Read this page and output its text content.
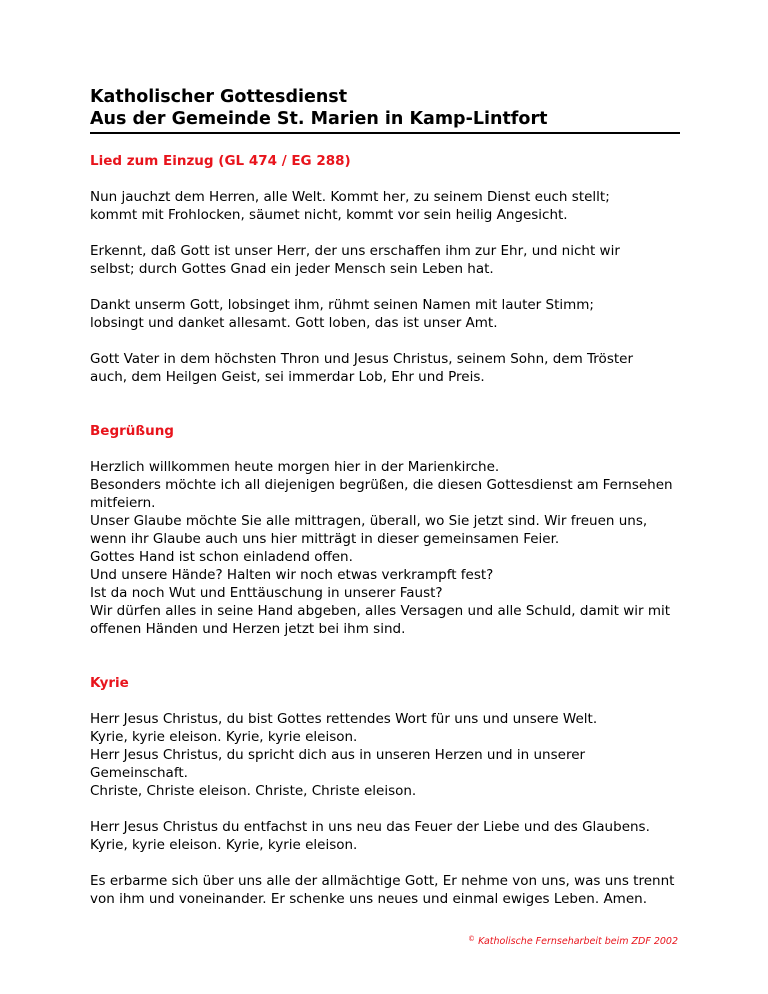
Katholischer Gottesdienst

Aus der Gemeinde St. Marien in Kamp-Lintfort

Lied zum Einzug (GL 474 / EG 288)

Nun jauchzt dem Herren, alle Welt. Kommt her, zu seinem Dienst euch stellt;
kommt mit Frohlocken, säumet nicht, kommt vor sein heilig Angesicht.

Erkennt, daß Gott ist unser Herr, der uns erschaffen ihm zur Ehr, und nicht wir
selbst; durch Gottes Gnad ein jeder Mensch sein Leben hat.

Dankt unserm Gott, lobsinget ihm, rühmt seinen Namen mit lauter Stimm;
lobsingt und danket allesamt. Gott loben, das ist unser Amt.

Gott Vater in dem höchsten Thron und Jesus Christus, seinem Sohn, dem Tröster
auch, dem Heilgen Geist, sei immerdar Lob, Ehr und Preis.

Begrüßung

Herzlich willkommen heute morgen hier in der Marienkirche.
Besonders möchte ich all diejenigen begrüßen, die diesen Gottesdienst am Fernsehen
mitfeiern.
Unser Glaube möchte Sie alle mittragen, überall, wo Sie jetzt sind. Wir freuen uns,
wenn ihr Glaube auch uns hier mitträgt in dieser gemeinsamen Feier.
Gottes Hand ist schon einladend offen.
Und unsere Hände? Halten wir noch etwas verkrampft fest?
Ist da noch Wut und Enttäuschung in unserer Faust?
Wir dürfen alles in seine Hand abgeben, alles Versagen und alle Schuld, damit wir mit
offenen Händen und Herzen jetzt bei ihm sind.

Kyrie

Herr Jesus Christus, du bist Gottes rettendes Wort für uns und unsere Welt.
Kyrie, kyrie eleison. Kyrie, kyrie eleison.
Herr Jesus Christus, du spricht dich aus in unseren Herzen und in unserer
Gemeinschaft.
Christe, Christe eleison. Christe, Christe eleison.

Herr Jesus Christus du entfachst in uns neu das Feuer der Liebe und des Glaubens.
Kyrie, kyrie eleison. Kyrie, kyrie eleison.

Es erbarme sich über uns alle der allmächtige Gott, Er nehme von uns, was uns trennt
von ihm und voneinander. Er schenke uns neues und einmal ewiges Leben. Amen.

© Katholische Fernseharbeit beim ZDF 2002
